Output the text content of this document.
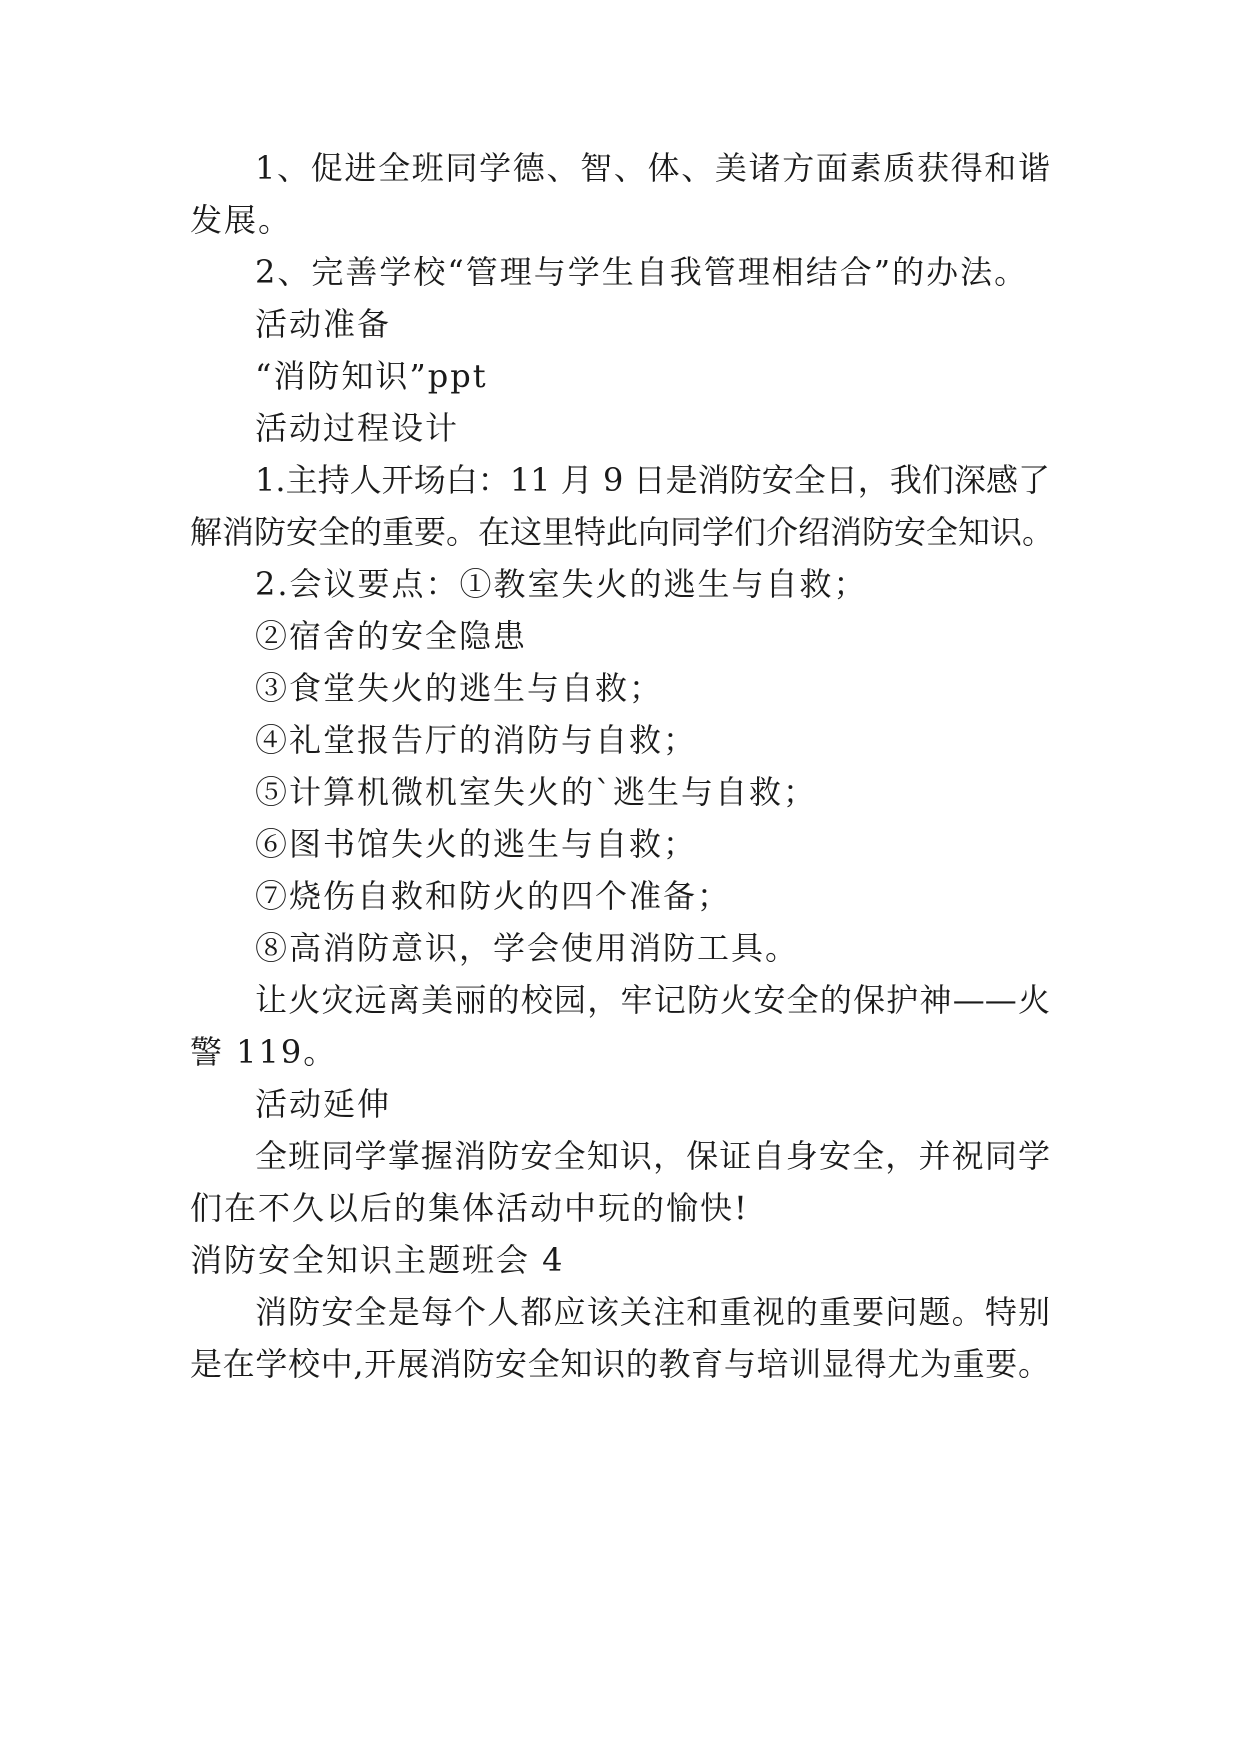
1、促进全班同学德、智、体、美诸方面素质获得和谐
发展。
2、完善学校“管理与学生自我管理相结合”的办法。
活动准备
“消防知识”ppt
活动过程设计
1.主持人开场白：11 月 9 日是消防安全日，我们深感了
解消防安全的重要。在这里特此向同学们介绍消防安全知识。
2.会议要点：①教室失火的逃生与自救；
②宿舍的安全隐患
③食堂失火的逃生与自救；
④礼堂报告厅的消防与自救；
⑤计算机微机室失火的`逃生与自救；
⑥图书馆失火的逃生与自救；
⑦烧伤自救和防火的四个准备；
⑧高消防意识，学会使用消防工具。
让火灾远离美丽的校园，牢记防火安全的保护神——火
警 119。
活动延伸
全班同学掌握消防安全知识，保证自身安全，并祝同学
们在不久以后的集体活动中玩的愉快!
消防安全知识主题班会 4
消防安全是每个人都应该关注和重视的重要问题。特别
是在学校中,开展消防安全知识的教育与培训显得尤为重要。
